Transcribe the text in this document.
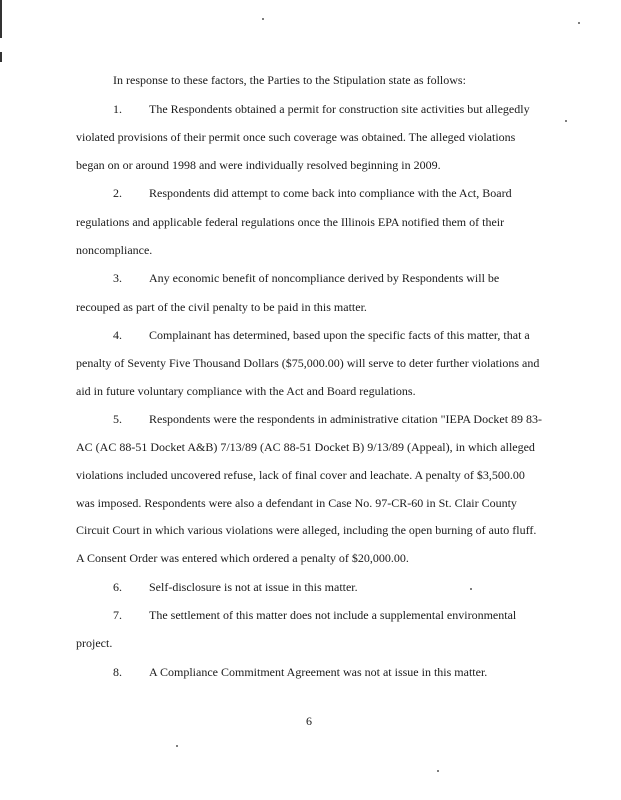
In response to these factors, the Parties to the Stipulation state as follows:
1.	The Respondents obtained a permit for construction site activities but allegedly
violated provisions of their permit once such coverage was obtained. The alleged violations
began on or around 1998 and were individually resolved beginning in 2009.
2.	Respondents did attempt to come back into compliance with the Act, Board
regulations and applicable federal regulations once the Illinois EPA notified them of their
noncompliance.
3.	Any economic benefit of noncompliance derived by Respondents will be
recouped as part of the civil penalty to be paid in this matter.
4.	Complainant has determined, based upon the specific facts of this matter, that a
penalty of Seventy Five Thousand Dollars ($75,000.00) will serve to deter further violations and
aid in future voluntary compliance with the Act and Board regulations.
5.	Respondents were the respondents in administrative citation "IEPA Docket 89 83-
AC (AC 88-51 Docket A&B) 7/13/89 (AC 88-51 Docket B) 9/13/89 (Appeal), in which alleged
violations included uncovered refuse, lack of final cover and leachate. A penalty of $3,500.00
was imposed. Respondents were also a defendant in Case No. 97-CR-60 in St. Clair County
Circuit Court in which various violations were alleged, including the open burning of auto fluff.
A Consent Order was entered which ordered a penalty of $20,000.00.
6.	Self-disclosure is not at issue in this matter.
7.	The settlement of this matter does not include a supplemental environmental
project.
8.	A Compliance Commitment Agreement was not at issue in this matter.
6
